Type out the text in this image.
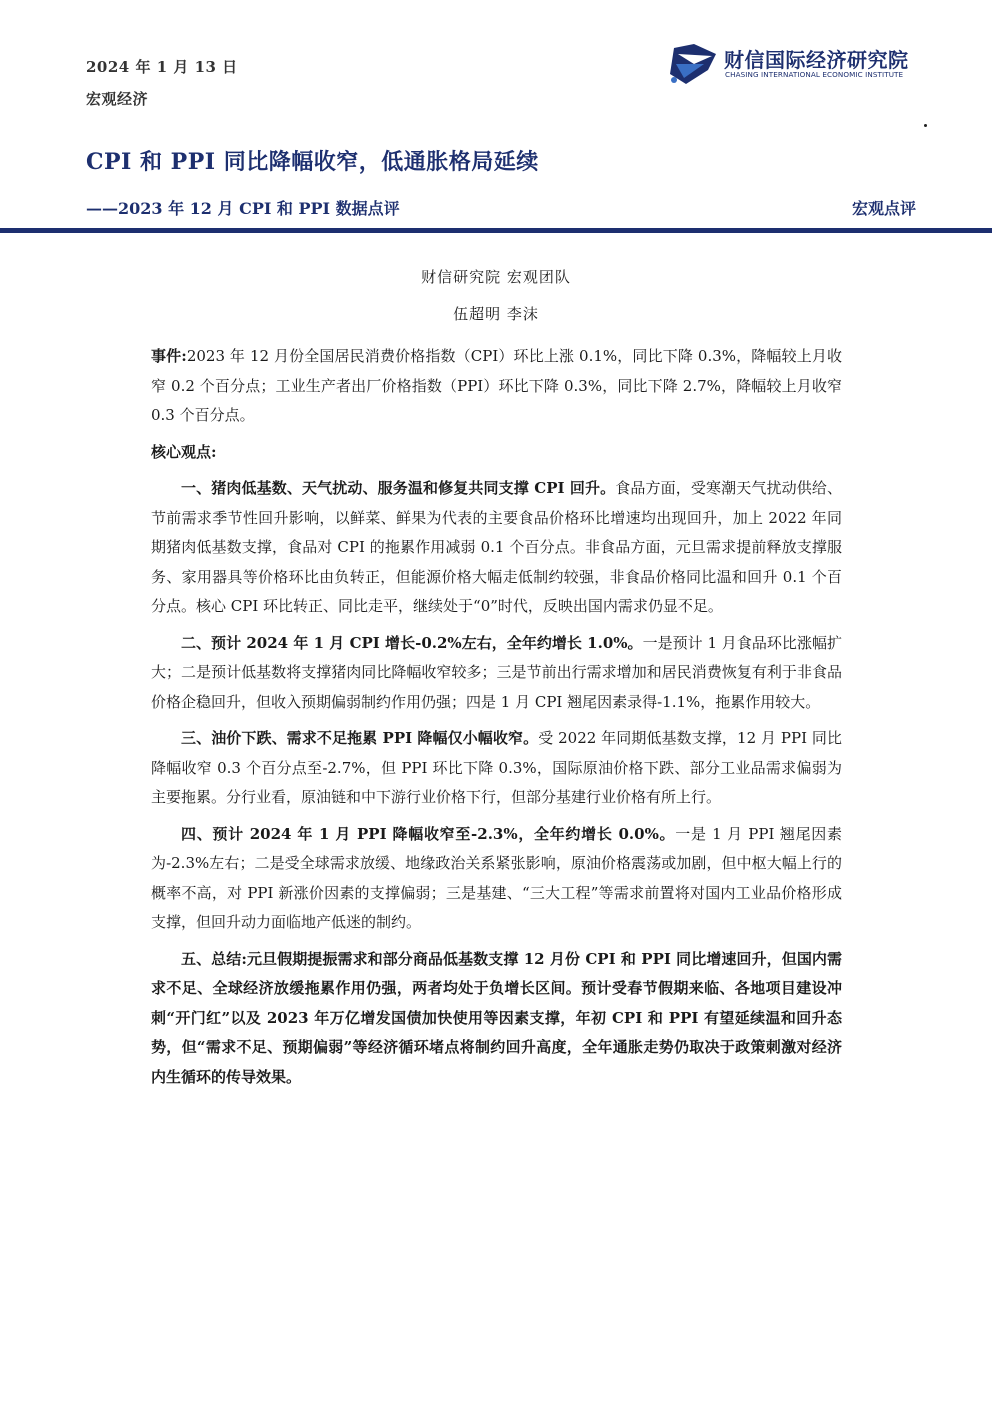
2024 年 1 月 13 日
宏观经济
财信国际经济研究院
CHASING INTERNATIONAL ECONOMIC INSTITUTE
CPI 和 PPI 同比降幅收窄，低通胀格局延续
——2023 年 12 月 CPI 和 PPI 数据点评	宏观点评
财信研究院 宏观团队
伍超明 李沫

事件:2023 年 12 月份全国居民消费价格指数（CPI）环比上涨 0.1%，同比下降 0.3%，降幅较上月收窄 0.2 个百分点；工业生产者出厂价格指数（PPI）环比下降 0.3%，同比下降 2.7%，降幅较上月收窄 0.3 个百分点。

核心观点:

一、猪肉低基数、天气扰动、服务温和修复共同支撑 CPI 回升。食品方面，受寒潮天气扰动供给、节前需求季节性回升影响，以鲜菜、鲜果为代表的主要食品价格环比增速均出现回升，加上 2022 年同期猪肉低基数支撑，食品对 CPI 的拖累作用减弱 0.1 个百分点。非食品方面，元旦需求提前释放支撑服务、家用器具等价格环比由负转正，但能源价格大幅走低制约较强，非食品价格同比温和回升 0.1 个百分点。核心 CPI 环比转正、同比走平，继续处于“0”时代，反映出国内需求仍显不足。

二、预计 2024 年 1 月 CPI 增长-0.2%左右，全年约增长 1.0%。一是预计 1 月食品环比涨幅扩大；二是预计低基数将支撑猪肉同比降幅收窄较多；三是节前出行需求增加和居民消费恢复有利于非食品价格企稳回升，但收入预期偏弱制约作用仍强；四是 1 月 CPI 翘尾因素录得-1.1%，拖累作用较大。

三、油价下跌、需求不足拖累 PPI 降幅仅小幅收窄。受 2022 年同期低基数支撑，12 月 PPI 同比降幅收窄 0.3 个百分点至-2.7%，但 PPI 环比下降 0.3%，国际原油价格下跌、部分工业品需求偏弱为主要拖累。分行业看，原油链和中下游行业价格下行，但部分基建行业价格有所上行。

四、预计 2024 年 1 月 PPI 降幅收窄至-2.3%，全年约增长 0.0%。一是 1 月 PPI 翘尾因素为-2.3%左右；二是受全球需求放缓、地缘政治关系紧张影响，原油价格震荡或加剧，但中枢大幅上行的概率不高，对 PPI 新涨价因素的支撑偏弱；三是基建、“三大工程”等需求前置将对国内工业品价格形成支撑，但回升动力面临地产低迷的制约。

五、总结:元旦假期提振需求和部分商品低基数支撑 12 月份 CPI 和 PPI 同比增速回升，但国内需求不足、全球经济放缓拖累作用仍强，两者均处于负增长区间。预计受春节假期来临、各地项目建设冲刺“开门红”以及 2023 年万亿增发国债加快使用等因素支撑，年初 CPI 和 PPI 有望延续温和回升态势，但“需求不足、预期偏弱”等经济循环堵点将制约回升高度，全年通胀走势仍取决于政策刺激对经济内生循环的传导效果。
